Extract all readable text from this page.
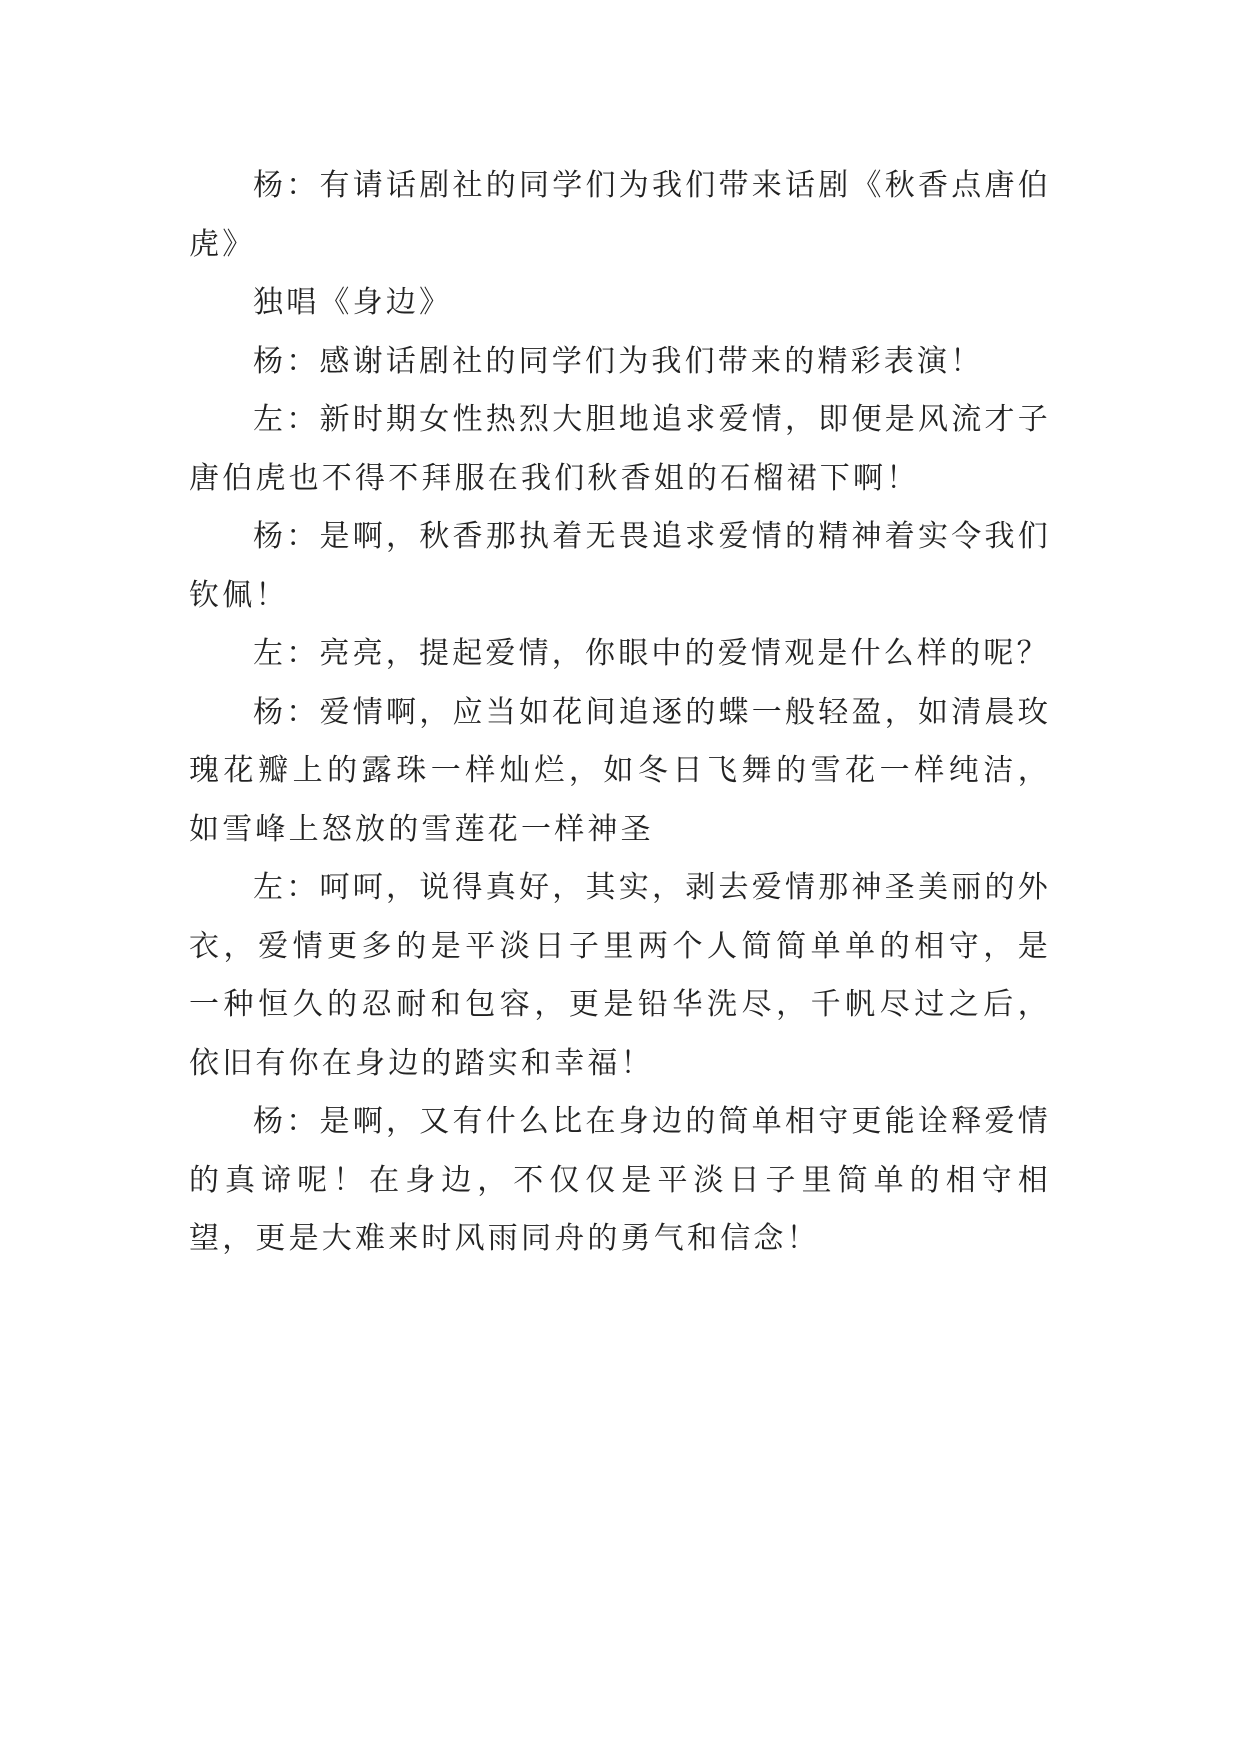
杨：有请话剧社的同学们为我们带来话剧《秋香点唐伯虎》

独唱《身边》

杨：感谢话剧社的同学们为我们带来的精彩表演！

左：新时期女性热烈大胆地追求爱情，即便是风流才子唐伯虎也不得不拜服在我们秋香姐的石榴裙下啊！

杨：是啊，秋香那执着无畏追求爱情的精神着实令我们钦佩！

左：亮亮，提起爱情，你眼中的爱情观是什么样的呢？

杨：爱情啊，应当如花间追逐的蝶一般轻盈，如清晨玫瑰花瓣上的露珠一样灿烂，如冬日飞舞的雪花一样纯洁，如雪峰上怒放的雪莲花一样神圣

左：呵呵，说得真好，其实，剥去爱情那神圣美丽的外衣，爱情更多的是平淡日子里两个人简简单单的相守，是一种恒久的忍耐和包容，更是铅华洗尽，千帆尽过之后，依旧有你在身边的踏实和幸福！

杨：是啊，又有什么比在身边的简单相守更能诠释爱情的真谛呢！在身边，不仅仅是平淡日子里简单的相守相望，更是大难来时风雨同舟的勇气和信念！
